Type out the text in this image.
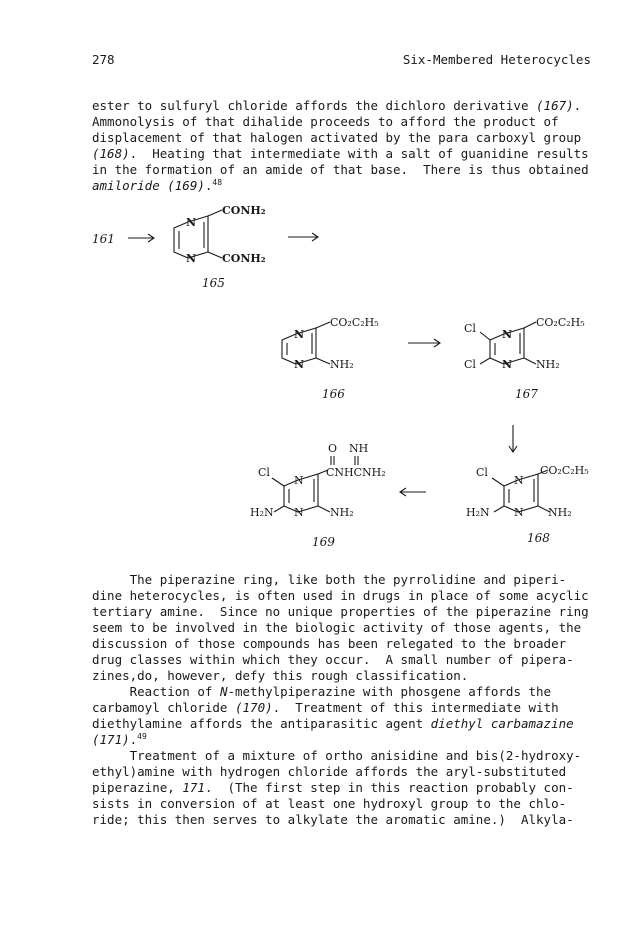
278	Six-Membered Heterocycles
ester to sulfuryl chloride affords the dichloro derivative (167).
Ammonolysis of that dihalide proceeds to afford the product of
displacement of that halogen activated by the para carboxyl group
(168).  Heating that intermediate with a salt of guanidine results
in the formation of an amide of that base.  There is thus obtained
amiloride (169).$^{48}$
161
N
N
CONH₂
CONH₂
165
N
N
CO₂C₂H₅
NH₂
166
N
N
Cl
Cl
CO₂C₂H₅
NH₂
167
N
N
Cl
H₂N
CO₂C₂H₅
NH₂
168
O NH
N
N
Cl
H₂N
CNHCNH₂
NH₂
169
The piperazine ring, like both the pyrrolidine and piperi-
dine heterocycles, is often used in drugs in place of some acyclic
tertiary amine.  Since no unique properties of the piperazine ring
seem to be involved in the biologic activity of those agents, the
discussion of those compounds has been relegated to the broader
drug classes within which they occur.  A small number of pipera-
zines,do, however, defy this rough classification.
Reaction of N-methylpiperazine with phosgene affords the
carbamoyl chloride (170).  Treatment of this intermediate with
diethylamine affords the antiparasitic agent diethyl carbamazine
(171).$^{49}$
Treatment of a mixture of ortho anisidine and bis(2-hydroxy-
ethyl)amine with hydrogen chloride affords the aryl-substituted
piperazine, 171.  (The first step in this reaction probably con-
sists in conversion of at least one hydroxyl group to the chlo-
ride; this then serves to alkylate the aromatic amine.)  Alkyla-
